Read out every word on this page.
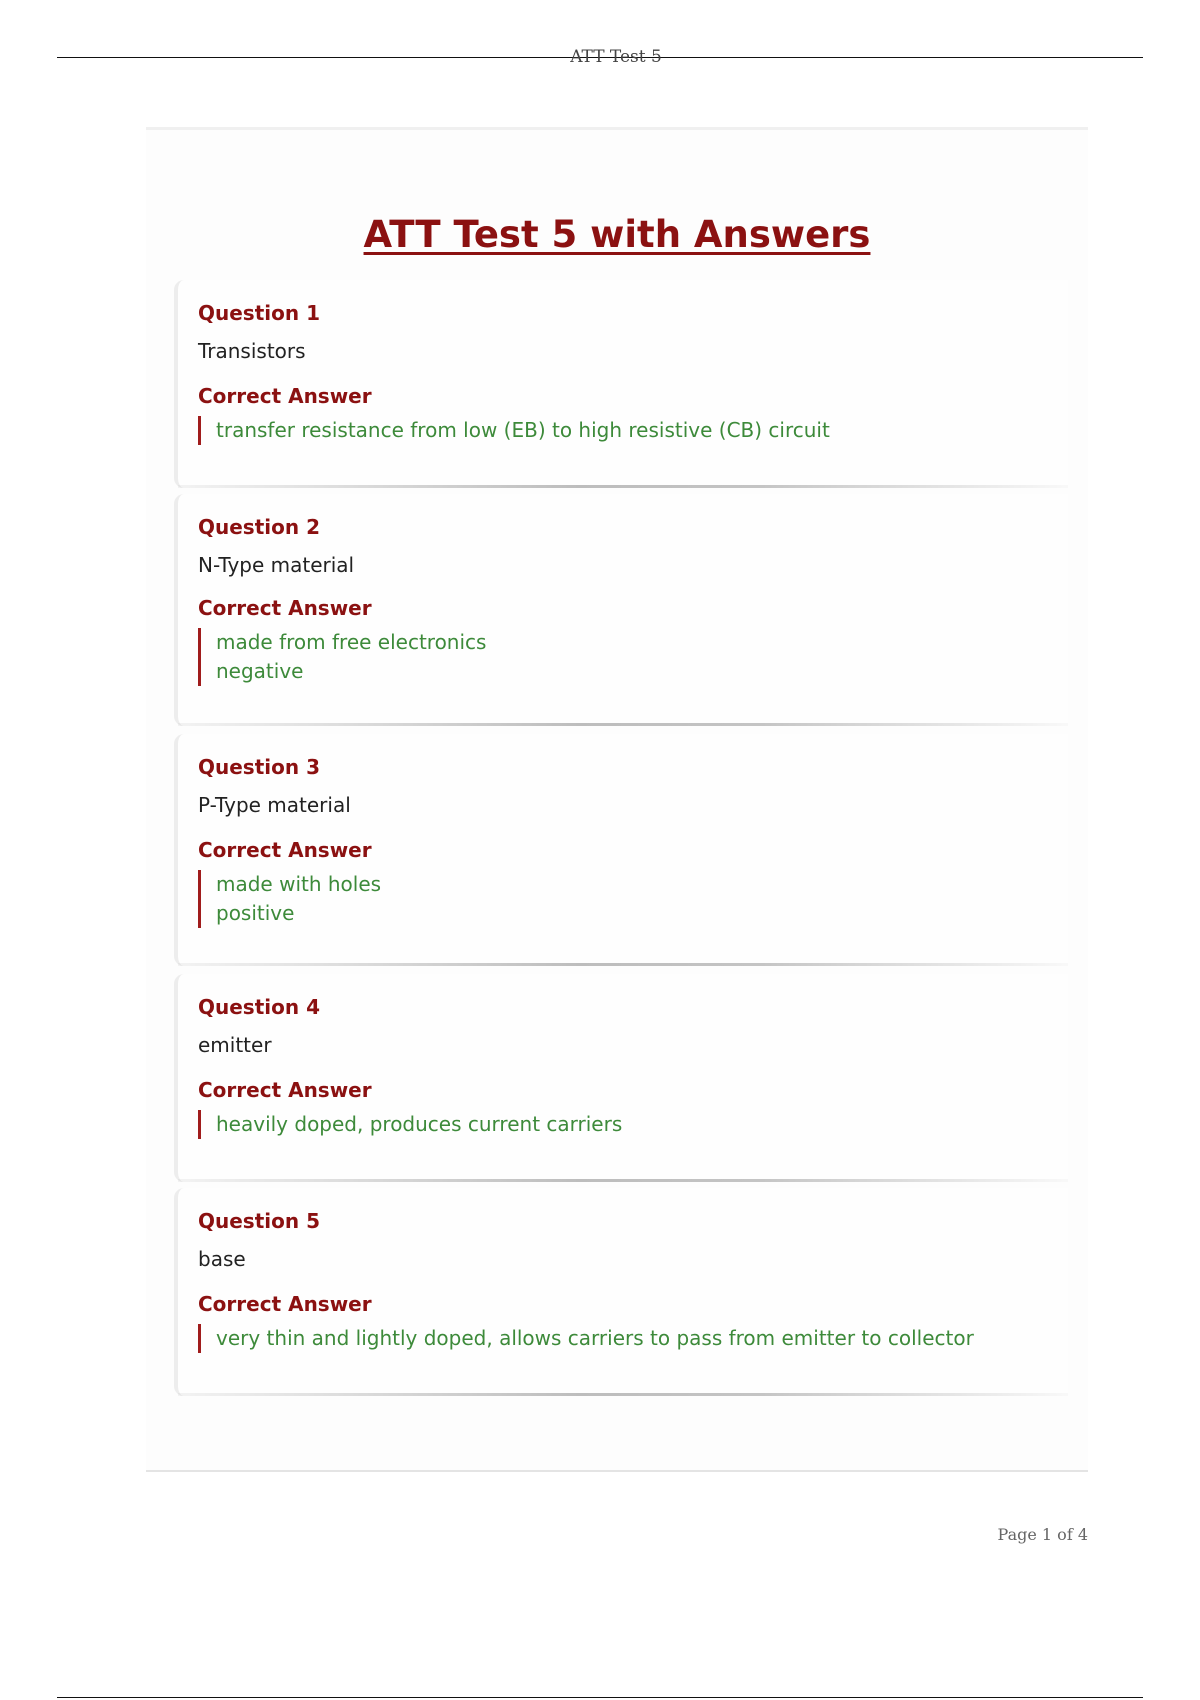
ATT Test 5
ATT Test 5 with Answers
Question 1
Transistors
Correct Answer
transfer resistance from low (EB) to high resistive (CB) circuit
Question 2
N-Type material
Correct Answer
made from free electronics
negative
Question 3
P-Type material
Correct Answer
made with holes
positive
Question 4
emitter
Correct Answer
heavily doped, produces current carriers
Question 5
base
Correct Answer
very thin and lightly doped, allows carriers to pass from emitter to collector
Page 1 of 4
